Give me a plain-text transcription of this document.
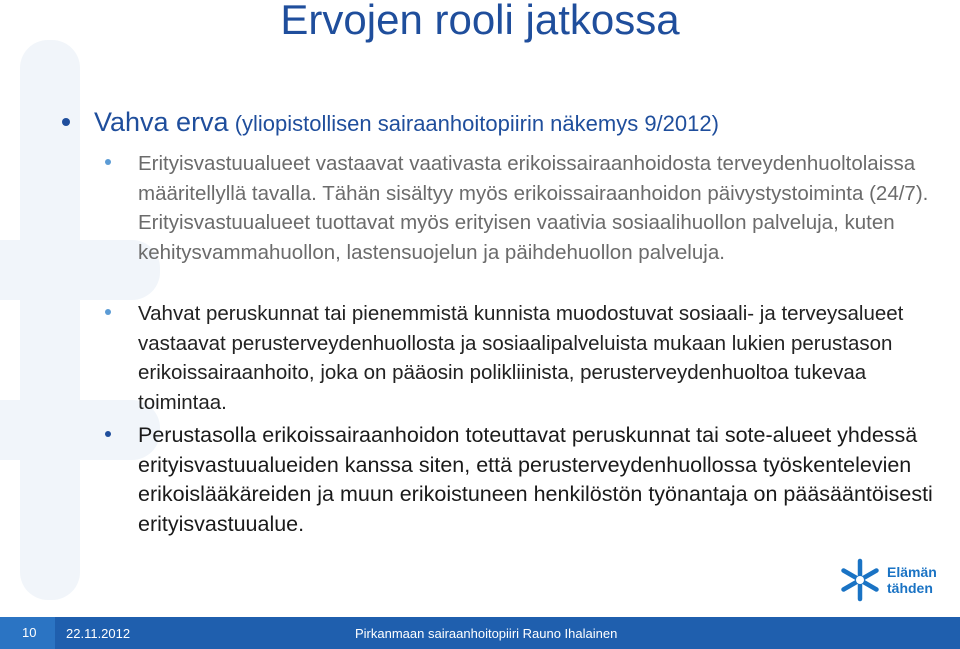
Ervojen rooli jatkossa
Vahva erva (yliopistollisen sairaanhoitopiirin näkemys 9/2012)
Erityisvastuualueet vastaavat vaativasta erikoissairaanhoidosta terveydenhuoltolaissa määritellyllä tavalla. Tähän sisältyy myös erikoissairaanhoidon päivystystoiminta (24/7). Erityisvastuualueet tuottavat myös erityisen vaativia sosiaalihuollon palveluja, kuten kehitysvammahuollon, lastensuojelun ja päihdehuollon palveluja.
Vahvat peruskunnat tai pienemmistä kunnista muodostuvat sosiaali- ja terveysalueet vastaavat perusterveydenhuollosta ja sosiaalipalveluista mukaan lukien perustason erikoissairaanhoito, joka on pääosin polikliinista, perusterveydenhuoltoa tukevaa toimintaa.
Perustasolla erikoissairaanhoidon toteuttavat peruskunnat tai sote-alueet yhdessä erityisvastuualueiden kanssa siten, että perusterveydenhuollossa työskentelevien erikoislääkäreiden ja muun erikoistuneen henkilöstön työnantaja on pääsääntöisesti erityisvastuualue.
Elämän
tähden
10 22.11.2012	Pirkanmaan sairaanhoitopiiri Rauno Ihalainen
